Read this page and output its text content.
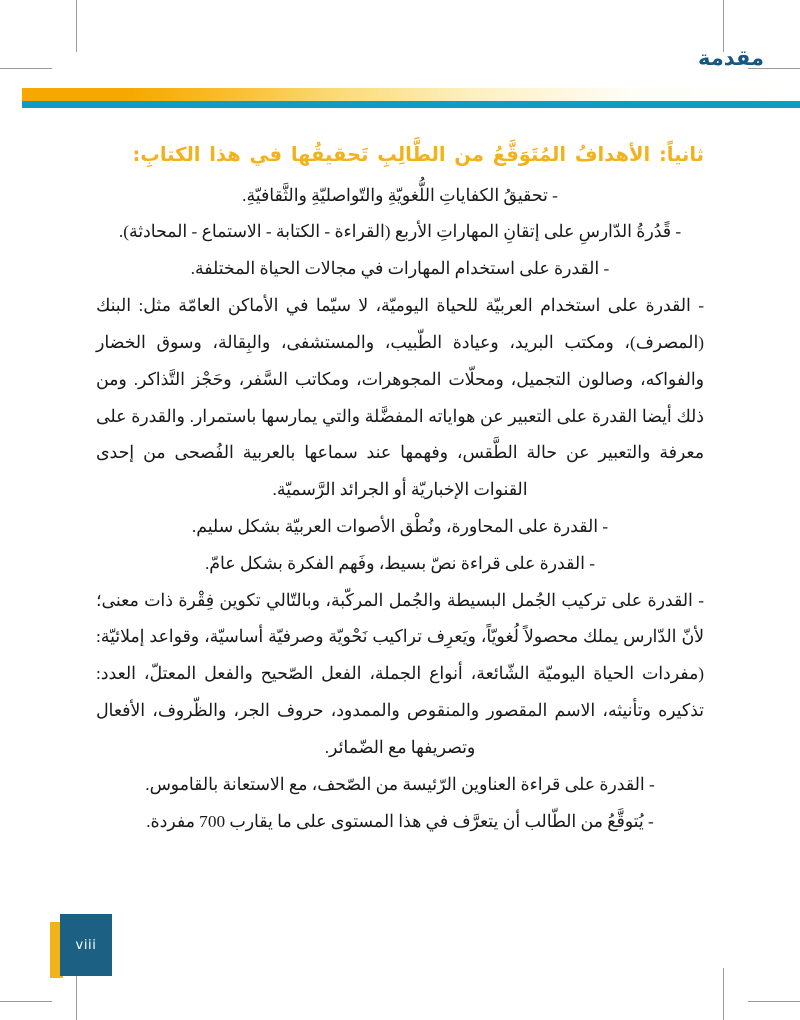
مقدمة
ثانياً: الأهدافُ المُتَوَقَّعُ من الطَّالِبِ تَحقيقُها في هذا الكتابِ:

- تحقيقُ الكفاياتِ اللُّغويّةِ والتّواصليّةِ والثَّقافيّةِ.

- قًدُرةُ الدّارسِ على إتقانِ المهاراتِ الأربع (القراءة - الكتابة - الاستماع - المحادثة).

- القدرة على استخدام المهارات في مجالات الحياة المختلفة.

- القدرة على استخدام العربيّة للحياة اليوميّة، لا سيّما في الأماكن العامّة مثل: البنك (المصرف)، ومكتب البريد، وعيادة الطّبيب، والمستشفى، والبِقالة، وسوق الخضار والفواكه، وصالون التجميل، ومحلّات المجوهرات، ومكاتب السَّفر، وحَجْز التَّذاكر. ومن ذلك أيضا القدرة على التعبير عن هواياته المفضَّلة والتي يمارسها باستمرار. والقدرة على معرفة والتعبير عن حالة الطَّقس، وفهمها عند سماعها بالعربية الفُصحى من إحدى القنوات الإخباريّة أو الجرائد الرَّسميّة.

- القدرة على المحاورة، ونُطْق الأصوات العربيّة بشكل سليم.

- القدرة على قراءة نصّ بسيط، وفَهم الفكرة بشكل عامّ.

- القدرة على تركيب الجُمل البسيطة والجُمل المركّبة، وبالتّالي تكوين فِقْرة ذات معنى؛ لأنّ الدّارس يملك محصولاً لُغويّاً، ويَعرِف تراكيب نَحْويّة وصرفيّة أساسيّة، وقواعد إملائيّة: (مفردات الحياة اليوميّة الشّائعة، أنواع الجملة، الفعل الصّحيح والفعل المعتلّ، العدد: تذكيره وتأنيثه، الاسم المقصور والمنقوص والممدود، حروف الجر، والظّروف، الأفعال وتصريفها مع الضّمائر.

- القدرة على قراءة العناوين الرّئيسة من الصّحف، مع الاستعانة بالقاموس.

- يُتوقَّعُ من الطّالب أن يتعرَّف في هذا المستوى على ما يقارب 700 مفردة.

viii
